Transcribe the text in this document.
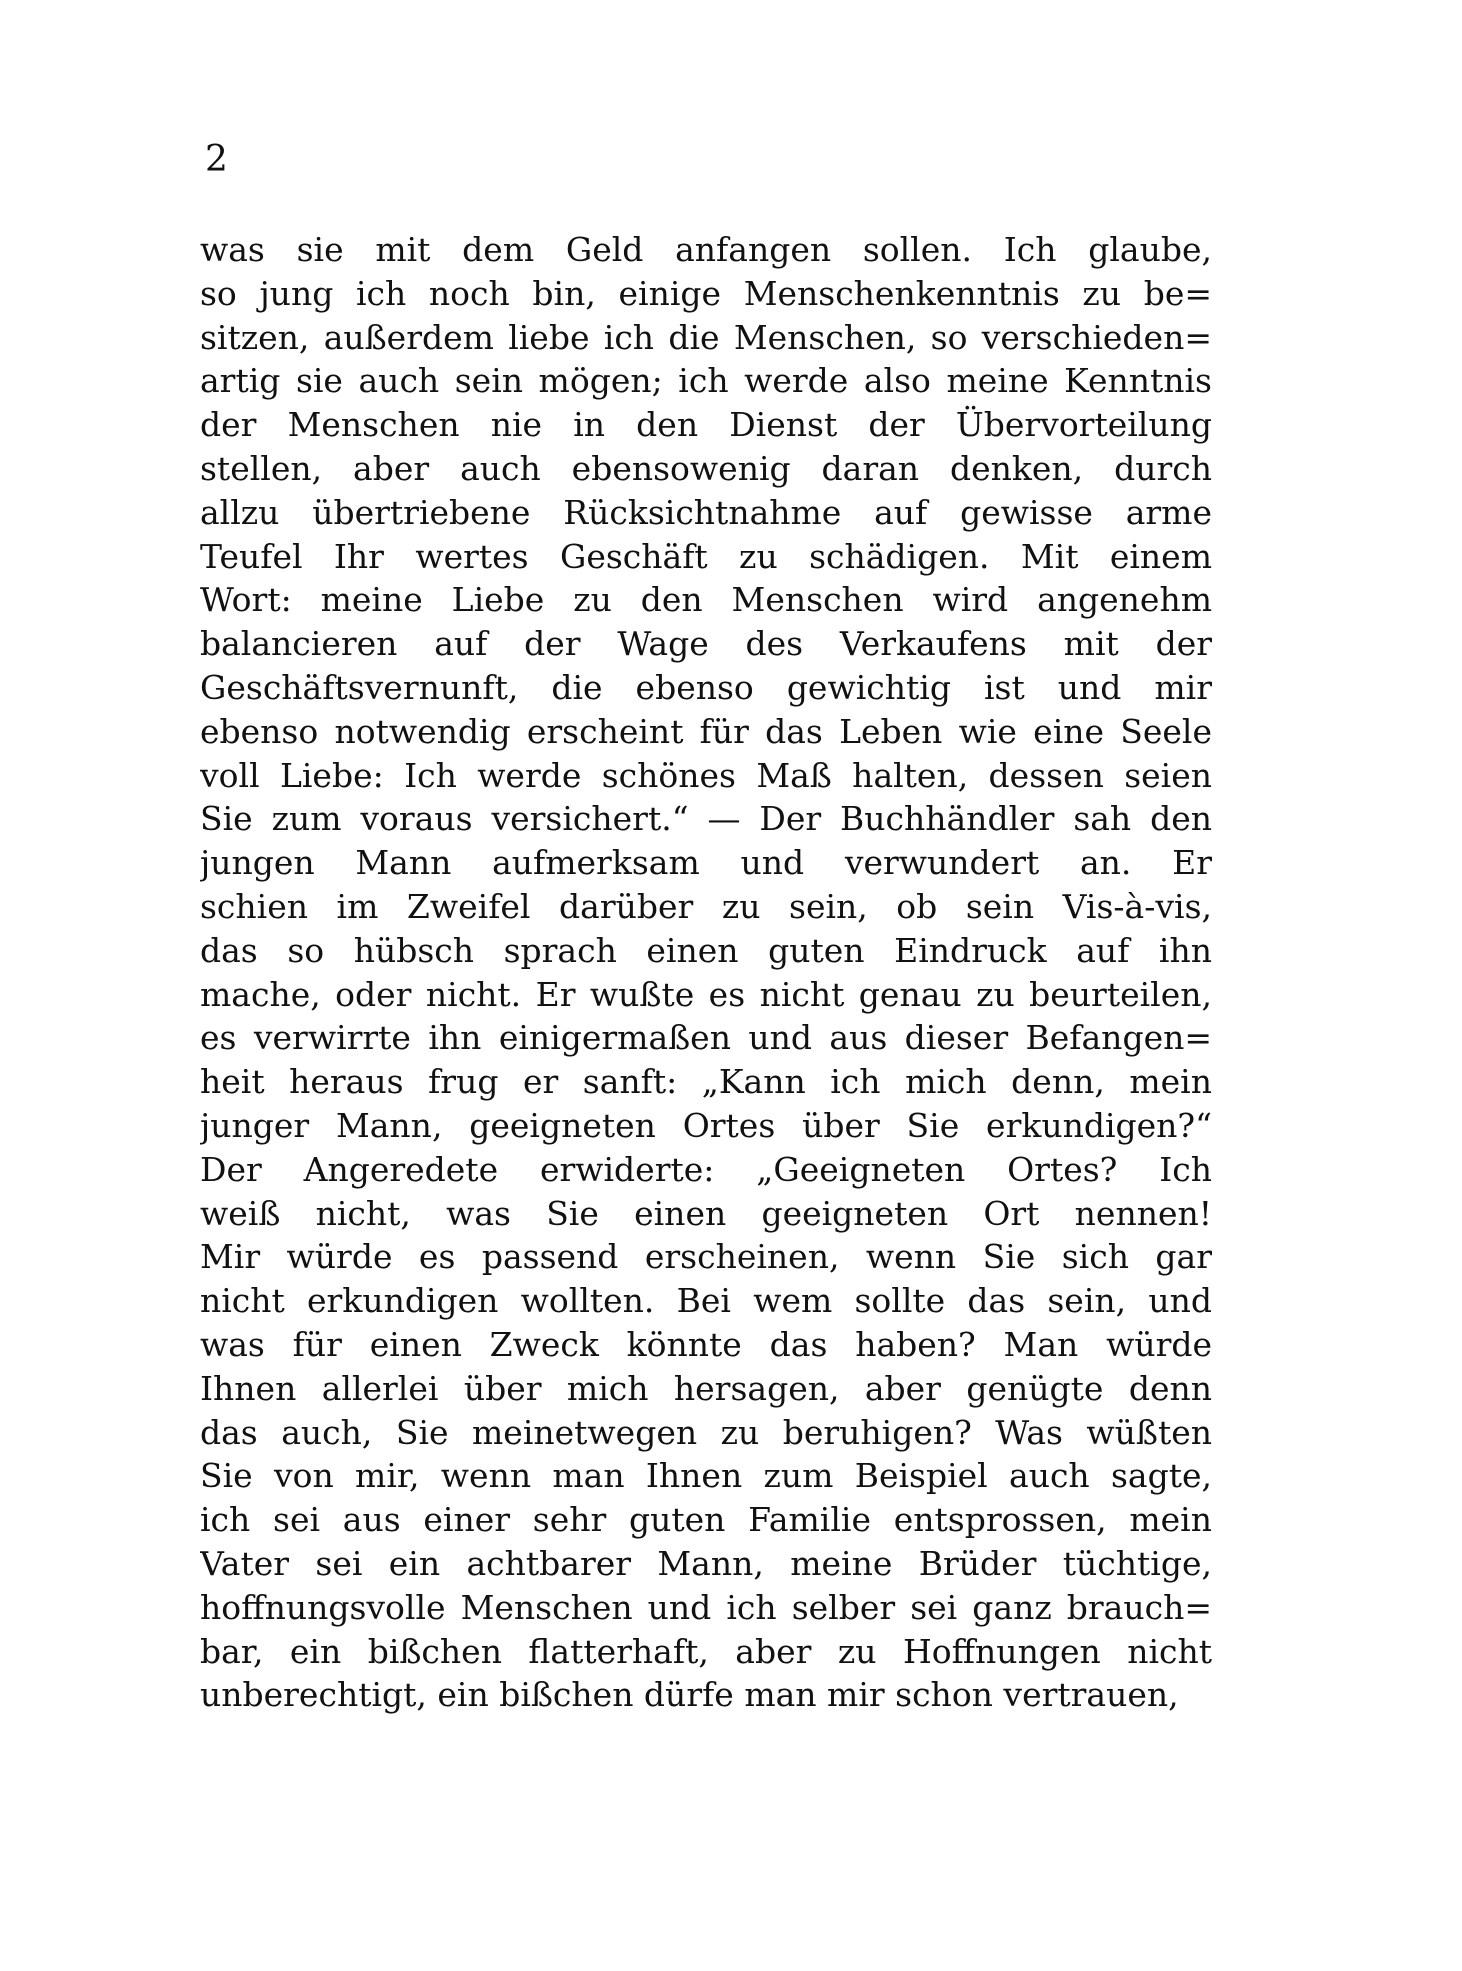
2
was sie mit dem Geld anfangen sollen. Ich glaube,
so jung ich noch bin, einige Menschenkenntnis zu be=
sitzen, außerdem liebe ich die Menschen, so verschieden=
artig sie auch sein mögen; ich werde also meine Kenntnis
der Menschen nie in den Dienst der Übervorteilung
stellen, aber auch ebensowenig daran denken, durch
allzu übertriebene Rücksichtnahme auf gewisse arme
Teufel Ihr wertes Geschäft zu schädigen. Mit einem
Wort: meine Liebe zu den Menschen wird angenehm
balancieren auf der Wage des Verkaufens mit der
Geschäftsvernunft, die ebenso gewichtig ist und mir
ebenso notwendig erscheint für das Leben wie eine Seele
voll Liebe: Ich werde schönes Maß halten, dessen seien
Sie zum voraus versichert.“ — Der Buchhändler sah den
jungen Mann aufmerksam und verwundert an. Er
schien im Zweifel darüber zu sein, ob sein Vis-à-vis,
das so hübsch sprach einen guten Eindruck auf ihn
mache, oder nicht. Er wußte es nicht genau zu beurteilen,
es verwirrte ihn einigermaßen und aus dieser Befangen=
heit heraus frug er sanft: „Kann ich mich denn, mein
junger Mann, geeigneten Ortes über Sie erkundigen?“
Der Angeredete erwiderte: „Geeigneten Ortes? Ich
weiß nicht, was Sie einen geeigneten Ort nennen!
Mir würde es passend erscheinen, wenn Sie sich gar
nicht erkundigen wollten. Bei wem sollte das sein, und
was für einen Zweck könnte das haben? Man würde
Ihnen allerlei über mich hersagen, aber genügte denn
das auch, Sie meinetwegen zu beruhigen? Was wüßten
Sie von mir, wenn man Ihnen zum Beispiel auch sagte,
ich sei aus einer sehr guten Familie entsprossen, mein
Vater sei ein achtbarer Mann, meine Brüder tüchtige,
hoffnungsvolle Menschen und ich selber sei ganz brauch=
bar, ein bißchen flatterhaft, aber zu Hoffnungen nicht
unberechtigt, ein bißchen dürfe man mir schon vertrauen,
